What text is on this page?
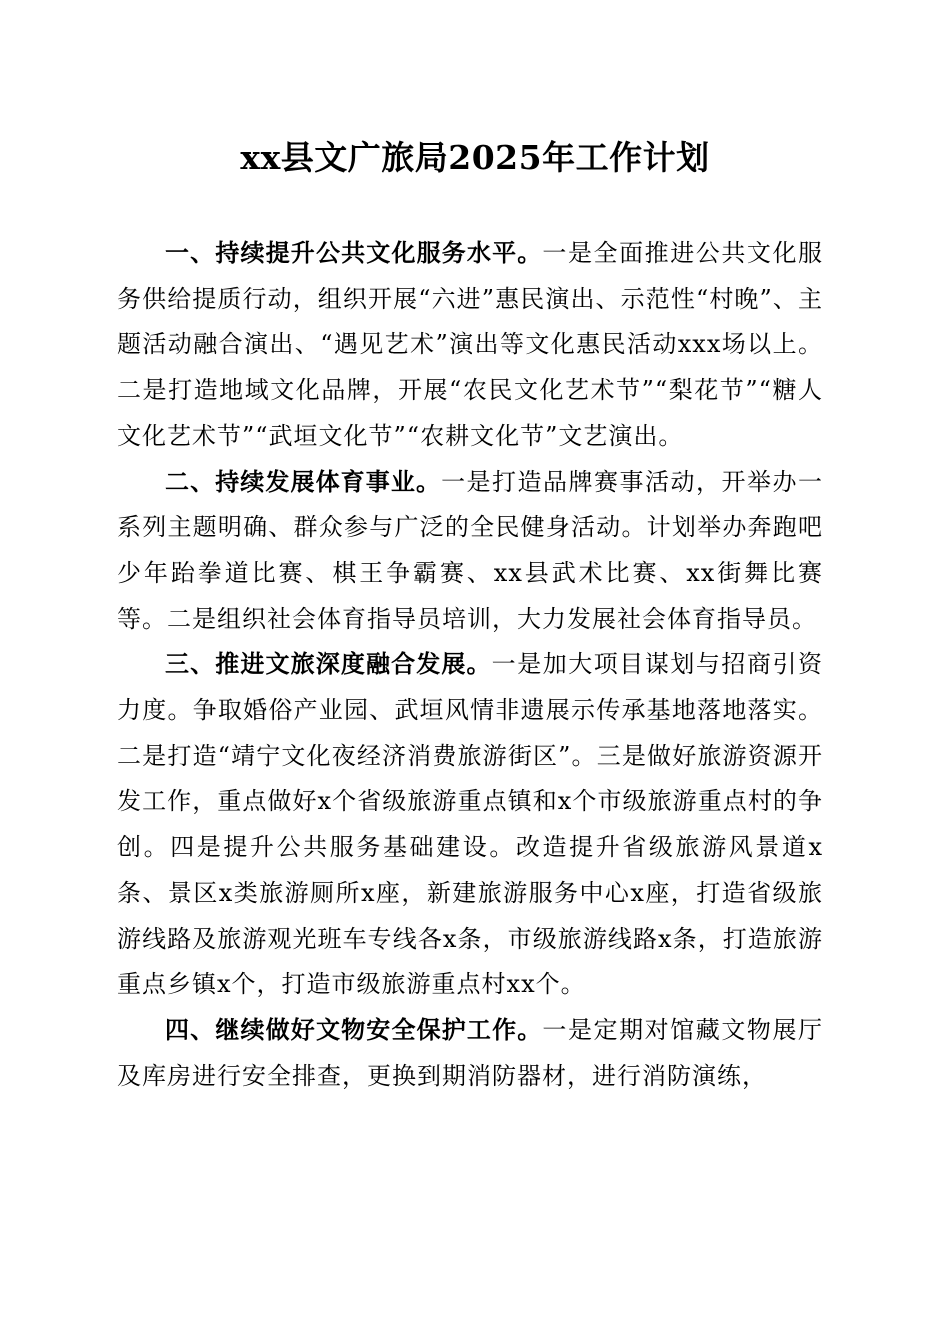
xx县文广旅局2025年工作计划

一、持续提升公共文化服务水平。一是全面推进公共文化服务供给提质行动，组织开展“六进”惠民演出、示范性“村晚”、主题活动融合演出、“遇见艺术”演出等文化惠民活动xxx场以上。二是打造地域文化品牌，开展“农民文化艺术节”“梨花节”“糖人文化艺术节”“武垣文化节”“农耕文化节”文艺演出。

二、持续发展体育事业。一是打造品牌赛事活动，开举办一系列主题明确、群众参与广泛的全民健身活动。计划举办奔跑吧少年跆拳道比赛、棋王争霸赛、xx县武术比赛、xx街舞比赛等。二是组织社会体育指导员培训，大力发展社会体育指导员。

三、推进文旅深度融合发展。一是加大项目谋划与招商引资力度。争取婚俗产业园、武垣风情非遗展示传承基地落地落实。二是打造“靖宁文化夜经济消费旅游街区”。三是做好旅游资源开发工作，重点做好x个省级旅游重点镇和x个市级旅游重点村的争创。四是提升公共服务基础建设。改造提升省级旅游风景道x条、景区x类旅游厕所x座，新建旅游服务中心x座，打造省级旅游线路及旅游观光班车专线各x条，市级旅游线路x条，打造旅游重点乡镇x个，打造市级旅游重点村xx个。

四、继续做好文物安全保护工作。一是定期对馆藏文物展厅及库房进行安全排查，更换到期消防器材，进行消防演练，
